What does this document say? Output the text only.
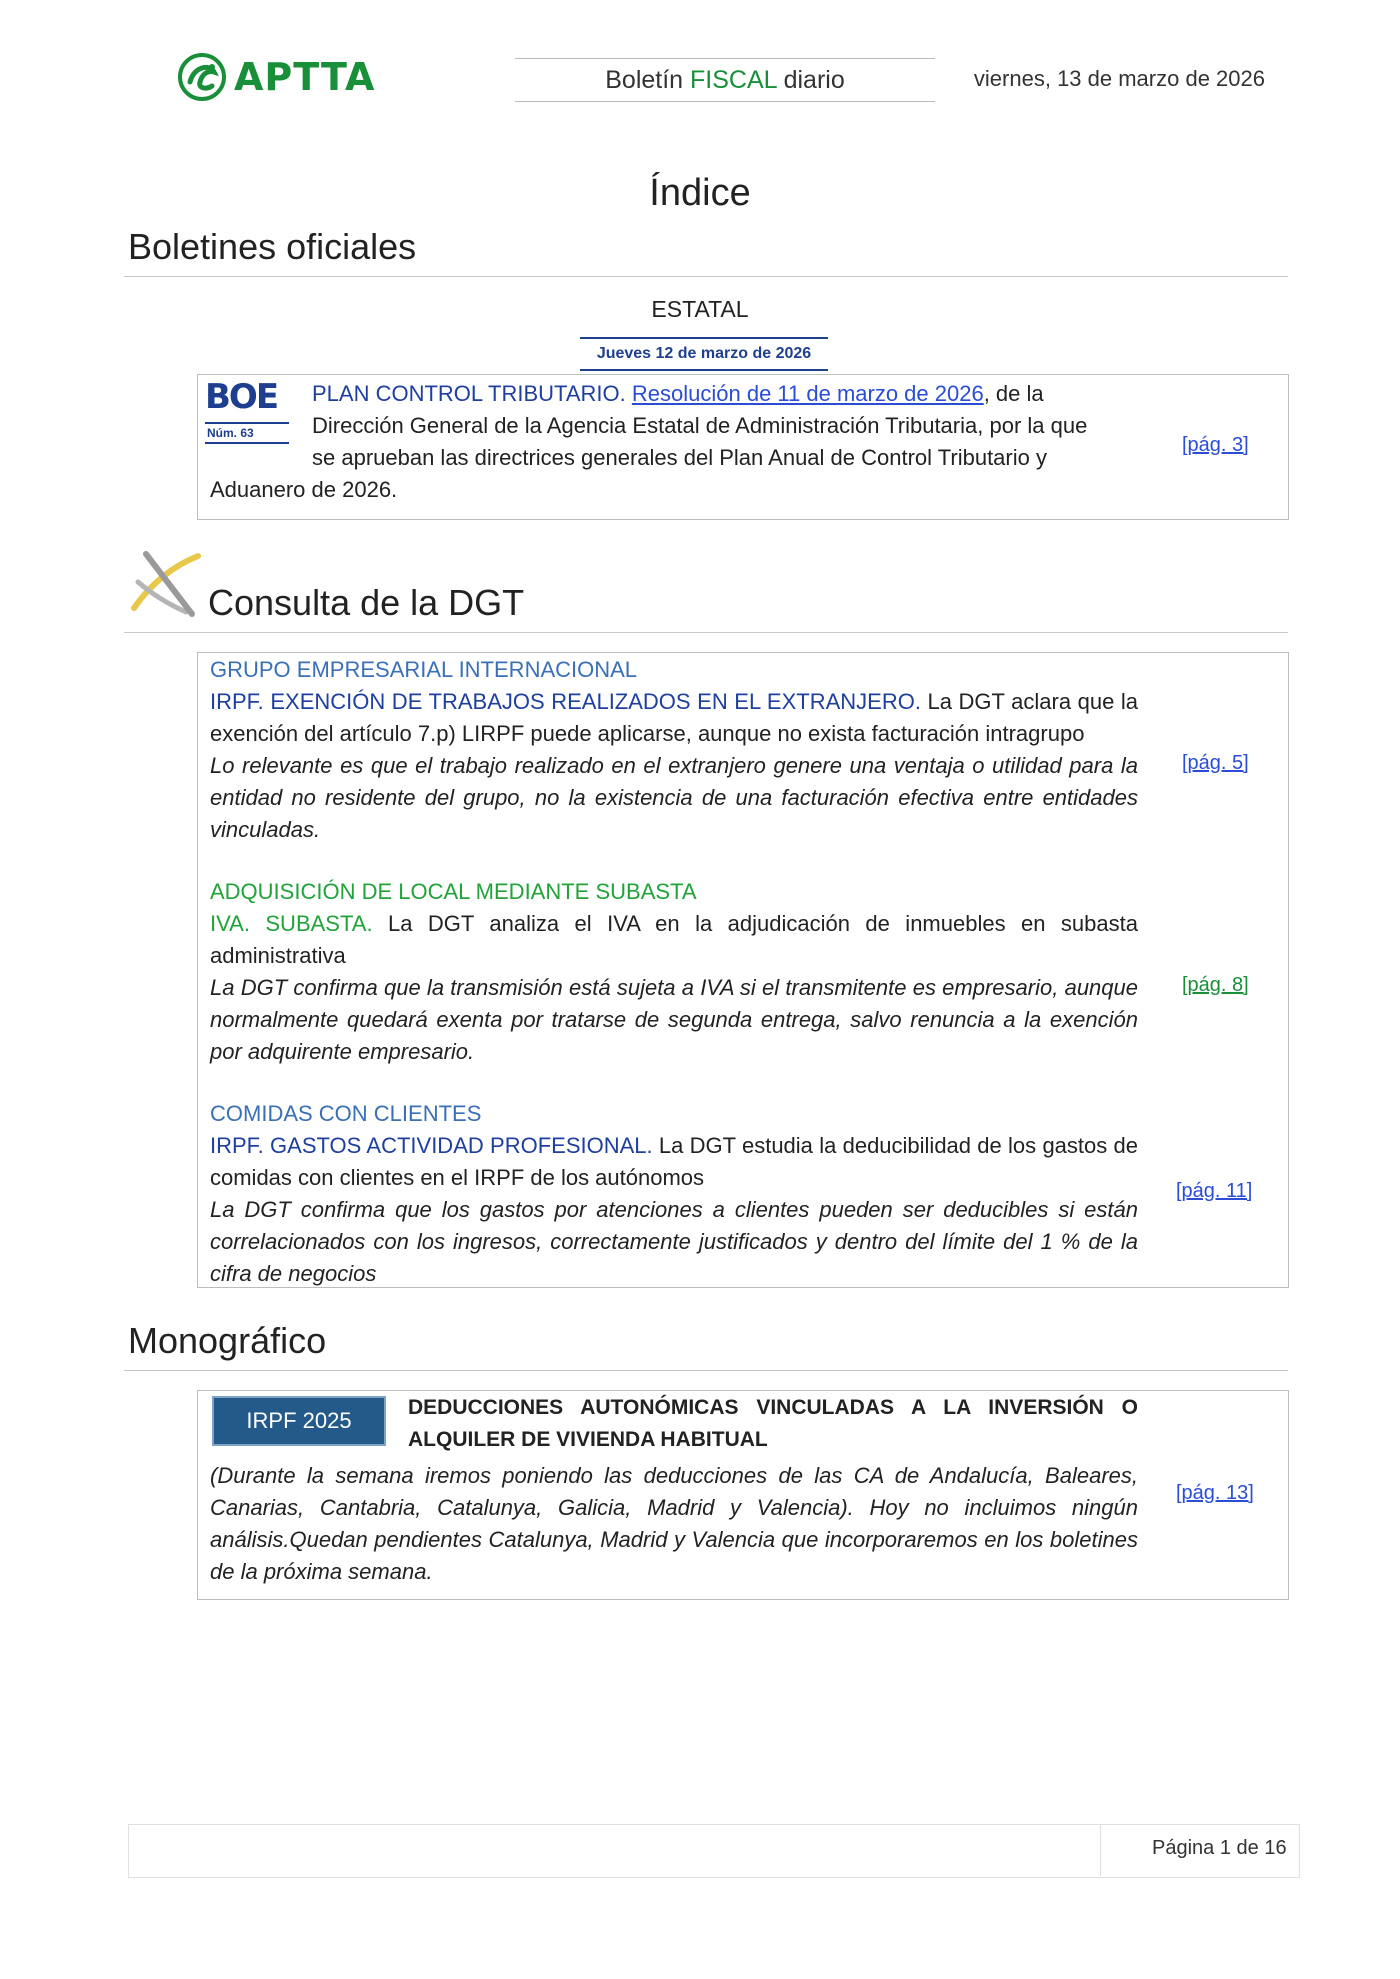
APTTA	Boletín FISCAL diario	viernes, 13 de marzo de 2026
Índice
Boletines oficiales
ESTATAL
Jueves 12 de marzo de 2026
BOE
Núm. 63
PLAN CONTROL TRIBUTARIO. Resolución de 11 de marzo de 2026, de la
Dirección General de la Agencia Estatal de Administración Tributaria, por la que
se aprueban las directrices generales del Plan Anual de Control Tributario y
Aduanero de 2026.
[pág. 3]
Consulta de la DGT
GRUPO EMPRESARIAL INTERNACIONAL
IRPF. EXENCIÓN DE TRABAJOS REALIZADOS EN EL EXTRANJERO. La DGT aclara que la exención del artículo 7.p) LIRPF puede aplicarse, aunque no exista facturación intragrupo
Lo relevante es que el trabajo realizado en el extranjero genere una ventaja o utilidad para la entidad no residente del grupo, no la existencia de una facturación efectiva entre entidades vinculadas.
[pág. 5]
ADQUISICIÓN DE LOCAL MEDIANTE SUBASTA
IVA. SUBASTA. La DGT analiza el IVA en la adjudicación de inmuebles en subasta administrativa
La DGT confirma que la transmisión está sujeta a IVA si el transmitente es empresario, aunque normalmente quedará exenta por tratarse de segunda entrega, salvo renuncia a la exención por adquirente empresario.
[pág. 8]
COMIDAS CON CLIENTES
IRPF. GASTOS ACTIVIDAD PROFESIONAL. La DGT estudia la deducibilidad de los gastos de comidas con clientes en el IRPF de los autónomos
La DGT confirma que los gastos por atenciones a clientes pueden ser deducibles si están correlacionados con los ingresos, correctamente justificados y dentro del límite del 1 % de la cifra de negocios
[pág. 11]
Monográfico
IRPF 2025
DEDUCCIONES AUTONÓMICAS VINCULADAS A LA INVERSIÓN O ALQUILER DE VIVIENDA HABITUAL
(Durante la semana iremos poniendo las deducciones de las CA de Andalucía, Baleares, Canarias, Cantabria, Catalunya, Galicia, Madrid y Valencia). Hoy no incluimos ningún análisis.Quedan pendientes Catalunya, Madrid y Valencia que incorporaremos en los boletines de la próxima semana.
[pág. 13]
Página 1 de 16
